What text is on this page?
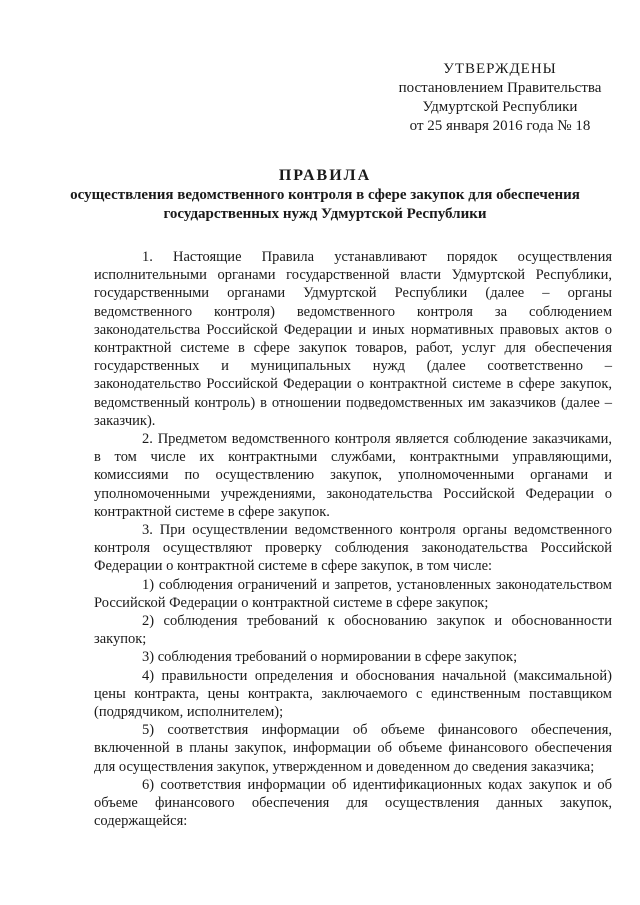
УТВЕРЖДЕНЫ
постановлением Правительства
Удмуртской Республики
от 25 января 2016 года № 18
ПРАВИЛА
осуществления ведомственного контроля в сфере закупок для обеспечения
государственных нужд Удмуртской Республики

1. Настоящие Правила устанавливают порядок осуществления исполнительными органами государственной власти Удмуртской Республики, государственными органами Удмуртской Республики (далее – органы ведомственного контроля) ведомственного контроля за соблюдением законодательства Российской Федерации и иных нормативных правовых актов о контрактной системе в сфере закупок товаров, работ, услуг для обеспечения государственных и муниципальных нужд (далее соответственно – законодательство Российской Федерации о контрактной системе в сфере закупок, ведомственный контроль) в отношении подведомственных им заказчиков (далее – заказчик).

2. Предметом ведомственного контроля является соблюдение заказчиками, в том числе их контрактными службами, контрактными управляющими, комиссиями по осуществлению закупок, уполномоченными органами и уполномоченными учреждениями, законодательства Российской Федерации о контрактной системе в сфере закупок.

3. При осуществлении ведомственного контроля органы ведомственного контроля осуществляют проверку соблюдения законодательства Российской Федерации о контрактной системе в сфере закупок, в том числе:

1) соблюдения ограничений и запретов, установленных законодательством Российской Федерации о контрактной системе в сфере закупок;

2) соблюдения требований к обоснованию закупок и обоснованности закупок;

3) соблюдения требований о нормировании в сфере закупок;

4) правильности определения и обоснования начальной (максимальной) цены контракта, цены контракта, заключаемого с единственным поставщиком (подрядчиком, исполнителем);

5) соответствия информации об объеме финансового обеспечения, включенной в планы закупок, информации об объеме финансового обеспечения для осуществления закупок, утвержденном и доведенном до сведения заказчика;

6) соответствия информации об идентификационных кодах закупок и об объеме финансового обеспечения для осуществления данных закупок, содержащейся:
